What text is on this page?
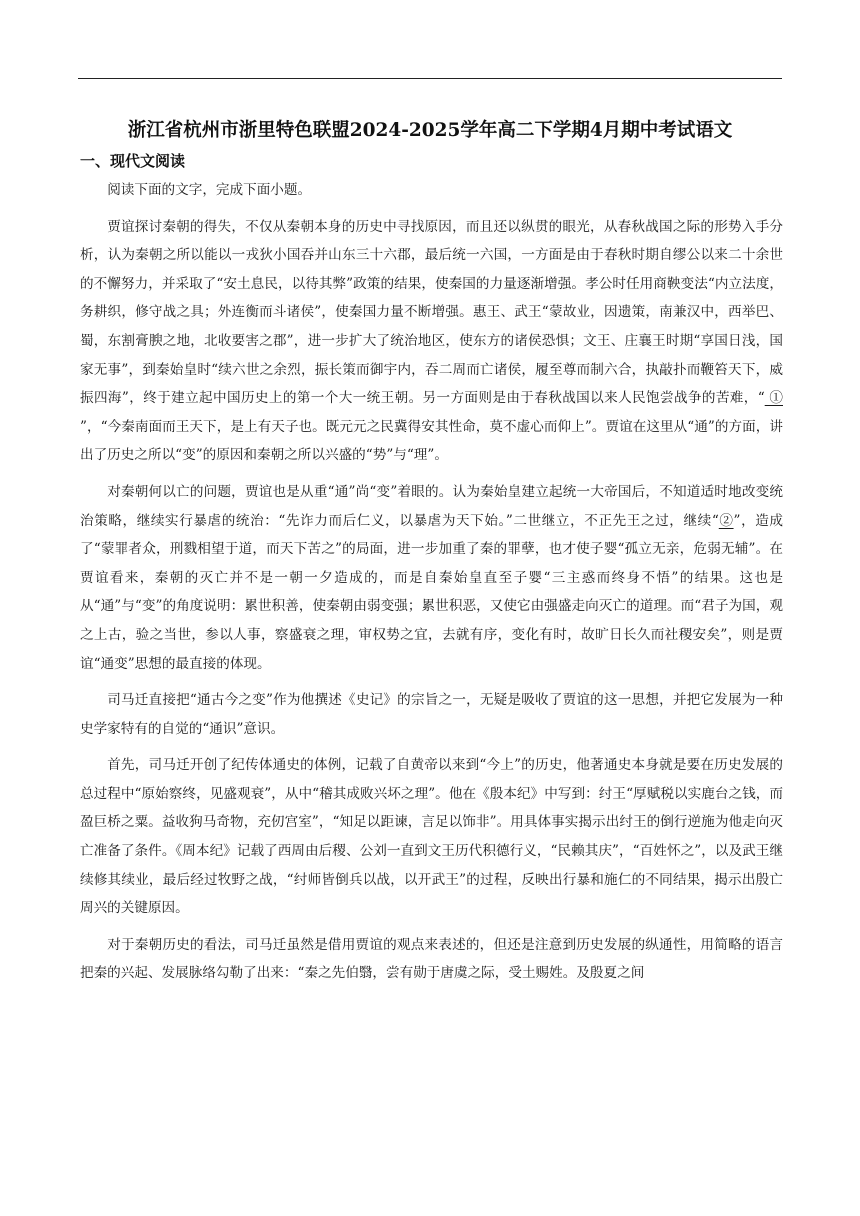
浙江省杭州市浙里特色联盟2024-2025学年高二下学期4月期中考试语文
一、现代文阅读

阅读下面的文字，完成下面小题。

贾谊探讨秦朝的得失，不仅从秦朝本身的历史中寻找原因，而且还以纵贯的眼光，从春秋战国之际的形势入手分析，认为秦朝之所以能以一戎狄小国吞并山东三十六郡，最后统一六国，一方面是由于春秋时期自缪公以来二十余世的不懈努力，并采取了“安土息民，以待其弊”政策的结果，使秦国的力量逐渐增强。孝公时任用商鞅变法“内立法度，务耕织，修守战之具；外连衡而斗诸侯”，使秦国力量不断增强。惠王、武王“蒙故业，因遗策，南兼汉中，西举巴、蜀，东割膏腴之地，北收要害之郡”，进一步扩大了统治地区，使东方的诸侯恐惧；文王、庄襄王时期“享国日浅，国家无事”，到秦始皇时“续六世之余烈，振长策而御宇内，吞二周而亡诸侯，履至尊而制六合，执敲扑而鞭笞天下，威振四海”，终于建立起中国历史上的第一个大一统王朝。另一方面则是由于春秋战国以来人民饱尝战争的苦难，“ ① ”，“今秦南面而王天下，是上有天子也。既元元之民冀得安其性命，莫不虚心而仰上”。贾谊在这里从“通”的方面，讲出了历史之所以“变”的原因和秦朝之所以兴盛的“势”与“理”。

对秦朝何以亡的问题，贾谊也是从重“通”尚“变”着眼的。认为秦始皇建立起统一大帝国后，不知道适时地改变统治策略，继续实行暴虐的统治：“先诈力而后仁义，以暴虐为天下始。”二世继立，不正先王之过，继续“②”，造成了“蒙罪者众，刑戮相望于道，而天下苦之”的局面，进一步加重了秦的罪孽，也才使子婴“孤立无亲，危弱无辅”。在贾谊看来，秦朝的灭亡并不是一朝一夕造成的，而是自秦始皇直至子婴“三主惑而终身不悟”的结果。这也是从“通”与“变”的角度说明：累世积善，使秦朝由弱变强；累世积恶，又使它由强盛走向灭亡的道理。而“君子为国，观之上古，验之当世，参以人事，察盛衰之理，审权势之宜，去就有序，变化有时，故旷日长久而社稷安矣”，则是贾谊“通变”思想的最直接的体现。

司马迁直接把“通古今之变”作为他撰述《史记》的宗旨之一，无疑是吸收了贾谊的这一思想，并把它发展为一种史学家特有的自觉的“通识”意识。

首先，司马迁开创了纪传体通史的体例，记载了自黄帝以来到“今上”的历史，他著通史本身就是要在历史发展的总过程中“原始察终，见盛观衰”，从中“稽其成败兴坏之理”。他在《殷本纪》中写到：纣王“厚赋税以实鹿台之钱，而盈巨桥之粟。益收狗马奇物，充仞宫室”，“知足以距谏，言足以饰非”。用具体事实揭示出纣王的倒行逆施为他走向灭亡准备了条件。《周本纪》记载了西周由后稷、公刘一直到文王历代积德行义，“民赖其庆”，“百姓怀之”，以及武王继续修其续业，最后经过牧野之战，“纣师皆倒兵以战，以开武王”的过程，反映出行暴和施仁的不同结果，揭示出殷亡周兴的关键原因。

对于秦朝历史的看法，司马迁虽然是借用贾谊的观点来表述的，但还是注意到历史发展的纵通性，用简略的语言把秦的兴起、发展脉络勾勒了出来：“秦之先伯翳，尝有勋于唐虞之际，受土赐姓。及殷夏之间
